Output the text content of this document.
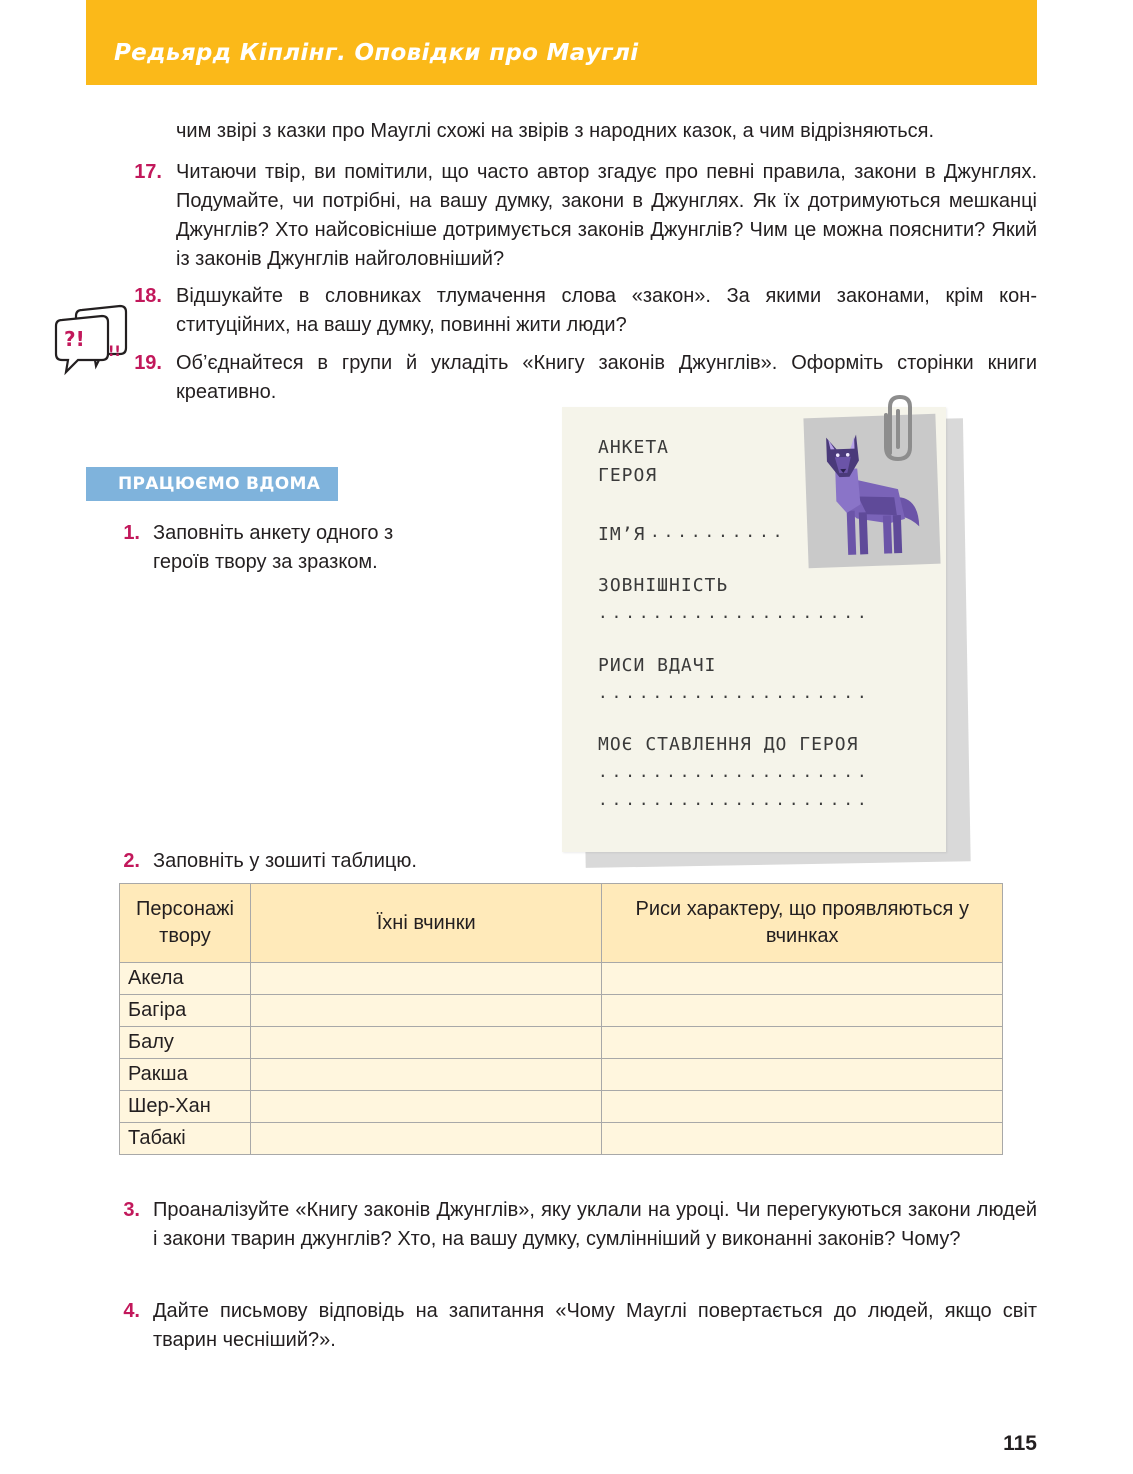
Редьярд Кіплінг. Оповідки про Мауглі
чим звірі з казки про Мауглі схожі на звірів з народних казок, а чим відрізняються.
17. Читаючи твір, ви помітили, що часто автор згадує про певні правила, закони в Джунглях. Подумайте, чи потрібні, на вашу думку, закони в Джунглях. Як їх дотримуються мешканці Джунглів? Хто найсовісніше дотримується законів Джунглів? Чим це можна пояснити? Який із законів Джунглів найголовніший?
18. Відшукайте в словниках тлумачення слова «закон». За якими законами, крім конституційних, на вашу думку, повинні жити люди?
19. Об’єднайтеся в групи й укладіть «Книгу законів Джунглів». Оформіть сторінки книги креативно.
?!
!!
ПРАЦЮЄМО ВДОМА
1. Заповніть анкету одного з героїв твору за зразком.
АНКЕТА
ГЕРОЯ
ІМ’Я ..........
ЗОВНІШНІСТЬ
....................
РИСИ ВДАЧІ
....................
МОЄ СТАВЛЕННЯ ДО ГЕРОЯ
....................
....................
2. Заповніть у зошиті таблицю.
Персонажі твору	Їхні вчинки	Риси характеру, що проявляються у вчинках
Акела		
Багіра		
Балу		
Ракша		
Шер-Хан		
Табакі		
3. Проаналізуйте «Книгу законів Джунглів», яку уклали на уроці. Чи перегукуються закони людей і закони тварин джунглів? Хто, на вашу думку, сумлінніший у виконанні законів? Чому?
4. Дайте письмову відповідь на запитання «Чому Мауглі повертається до людей, якщо світ тварин чесніший?».
115
